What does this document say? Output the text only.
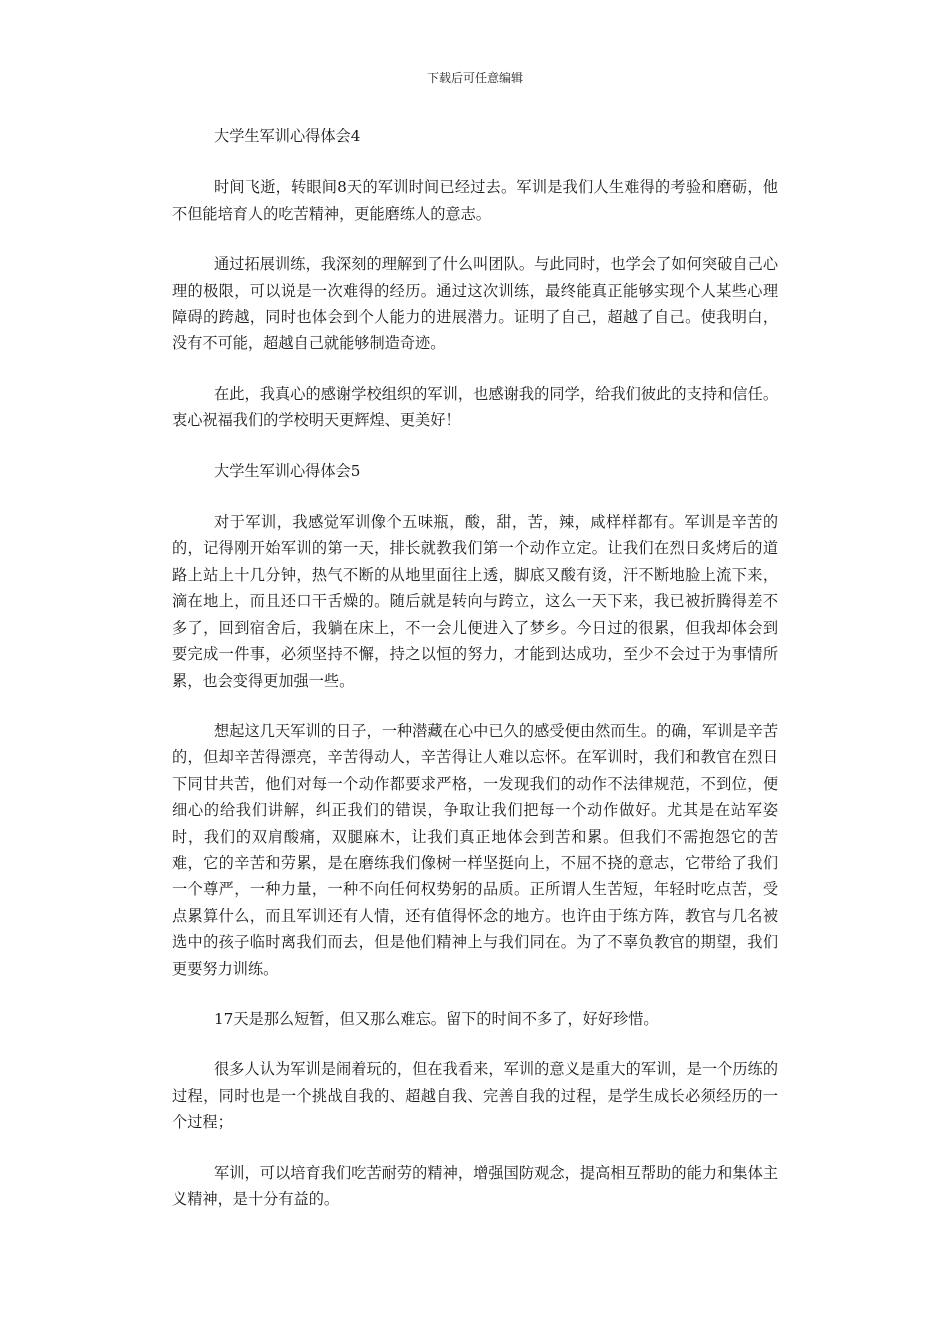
下载后可任意编辑

大学生军训心得体会4

时间飞逝，转眼间8天的军训时间已经过去。军训是我们人生难得的考验和磨砺，他不但能培育人的吃苦精神，更能磨练人的意志。

通过拓展训练，我深刻的理解到了什么叫团队。与此同时，也学会了如何突破自己心理的极限，可以说是一次难得的经历。通过这次训练，最终能真正能够实现个人某些心理障碍的跨越，同时也体会到个人能力的进展潜力。证明了自己，超越了自己。使我明白，没有不可能，超越自己就能够制造奇迹。

在此，我真心的感谢学校组织的军训，也感谢我的同学，给我们彼此的支持和信任。衷心祝福我们的学校明天更辉煌、更美好！

大学生军训心得体会5

对于军训，我感觉军训像个五味瓶，酸，甜，苦，辣，咸样样都有。军训是辛苦的的，记得刚开始军训的第一天，排长就教我们第一个动作立定。让我们在烈日炙烤后的道路上站上十几分钟，热气不断的从地里面往上透，脚底又酸有烫，汗不断地脸上流下来，滴在地上，而且还口干舌燥的。随后就是转向与跨立，这么一天下来，我已被折腾得差不多了，回到宿舍后，我躺在床上，不一会儿便进入了梦乡。今日过的很累，但我却体会到要完成一件事，必须坚持不懈，持之以恒的努力，才能到达成功，至少不会过于为事情所累，也会变得更加强一些。

想起这几天军训的日子，一种潜藏在心中已久的感受便由然而生。的确，军训是辛苦的，但却辛苦得漂亮，辛苦得动人，辛苦得让人难以忘怀。在军训时，我们和教官在烈日下同甘共苦，他们对每一个动作都要求严格，一发现我们的动作不法律规范，不到位，便细心的给我们讲解，纠正我们的错误，争取让我们把每一个动作做好。尤其是在站军姿时，我们的双肩酸痛，双腿麻木，让我们真正地体会到苦和累。但我们不需抱怨它的苦难，它的辛苦和劳累，是在磨练我们像树一样坚挺向上，不屈不挠的意志，它带给了我们一个尊严，一种力量，一种不向任何权势躬的品质。正所谓人生苦短，年轻时吃点苦，受点累算什么，而且军训还有人情，还有值得怀念的地方。也许由于练方阵，教官与几名被选中的孩子临时离我们而去，但是他们精神上与我们同在。为了不辜负教官的期望，我们更要努力训练。

17天是那么短暂，但又那么难忘。留下的时间不多了，好好珍惜。

很多人认为军训是闹着玩的，但在我看来，军训的意义是重大的军训，是一个历练的过程，同时也是一个挑战自我的、超越自我、完善自我的过程，是学生成长必须经历的一个过程；

军训，可以培育我们吃苦耐劳的精神，增强国防观念，提高相互帮助的能力和集体主义精神，是十分有益的。
